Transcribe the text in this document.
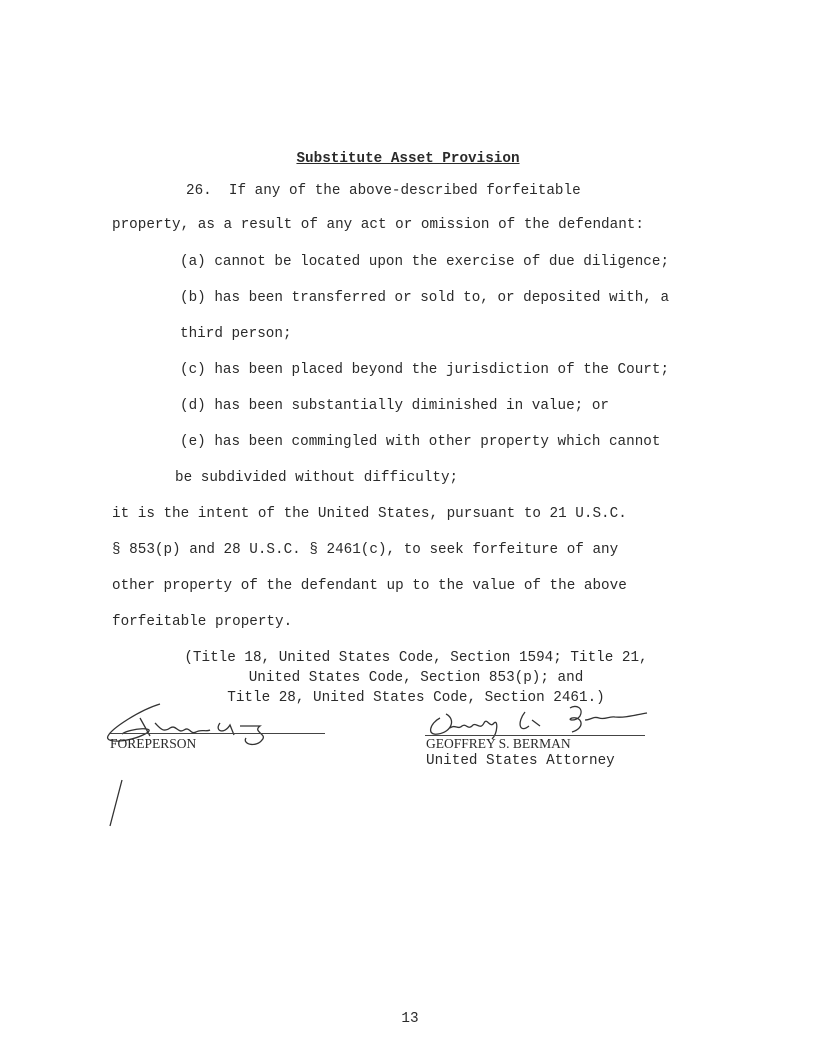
Substitute Asset Provision
26.  If any of the above-described forfeitable
property, as a result of any act or omission of the defendant:
(a) cannot be located upon the exercise of due diligence;
(b) has been transferred or sold to, or deposited with, a
third person;
(c) has been placed beyond the jurisdiction of the Court;
(d) has been substantially diminished in value; or
(e) has been commingled with other property which cannot
be subdivided without difficulty;
it is the intent of the United States, pursuant to 21 U.S.C.
§ 853(p) and 28 U.S.C. § 2461(c), to seek forfeiture of any
other property of the defendant up to the value of the above
forfeitable property.
(Title 18, United States Code, Section 1594; Title 21,
United States Code, Section 853(p); and
Title 28, United States Code, Section 2461.)
FOREPERSON	GEOFFREY S. BERMAN
United States Attorney
13
